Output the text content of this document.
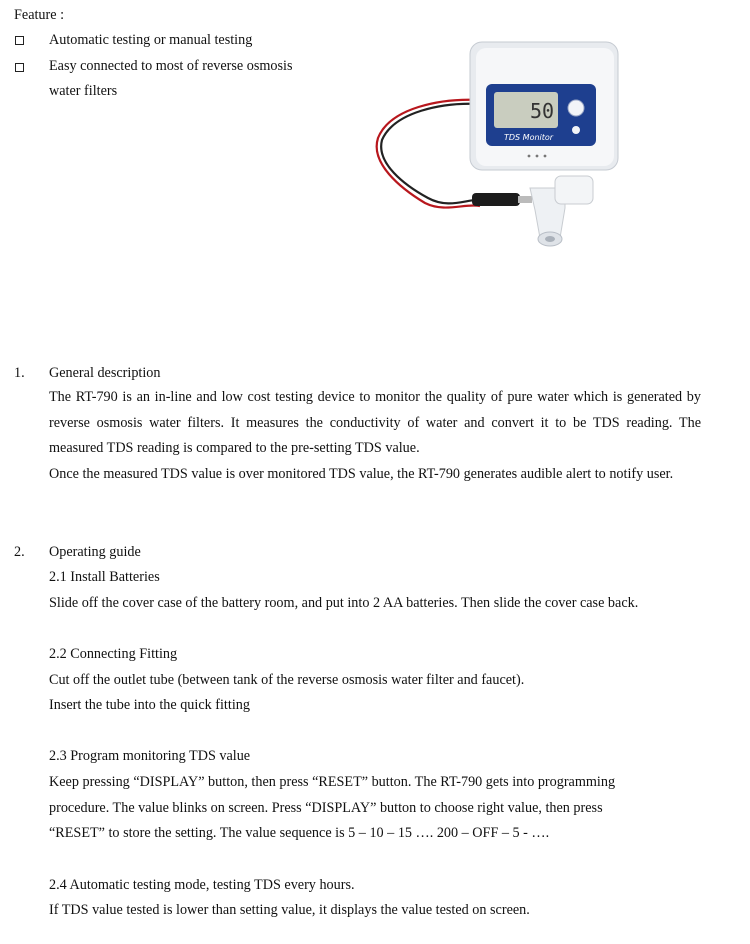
Feature :
Automatic testing or manual testing
Easy connected to most of reverse osmosis
water filters
50
TDS Monitor
1. General description
The RT-790 is an in-line and low cost testing device to monitor the quality of pure water which is generated by reverse osmosis water filters. It measures the conductivity of water and convert it to be TDS reading. The measured TDS reading is compared to the pre-setting TDS value.
Once the measured TDS value is over monitored TDS value, the RT-790 generates audible alert to notify user.
2. Operating guide
2.1 Install Batteries
Slide off the cover case of the battery room, and put into 2 AA batteries. Then slide the cover case back.
2.2 Connecting Fitting
Cut off the outlet tube (between tank of the reverse osmosis water filter and faucet).
Insert the tube into the quick fitting
2.3 Program monitoring TDS value
Keep pressing “DISPLAY” button, then press “RESET” button. The RT-790 gets into programming
procedure. The value blinks on screen. Press “DISPLAY” button to choose right value, then press
“RESET” to store the setting. The value sequence is 5 – 10 – 15 …. 200 – OFF – 5 - ….
2.4 Automatic testing mode, testing TDS every hours.
If TDS value tested is lower than setting value, it displays the value tested on screen.
